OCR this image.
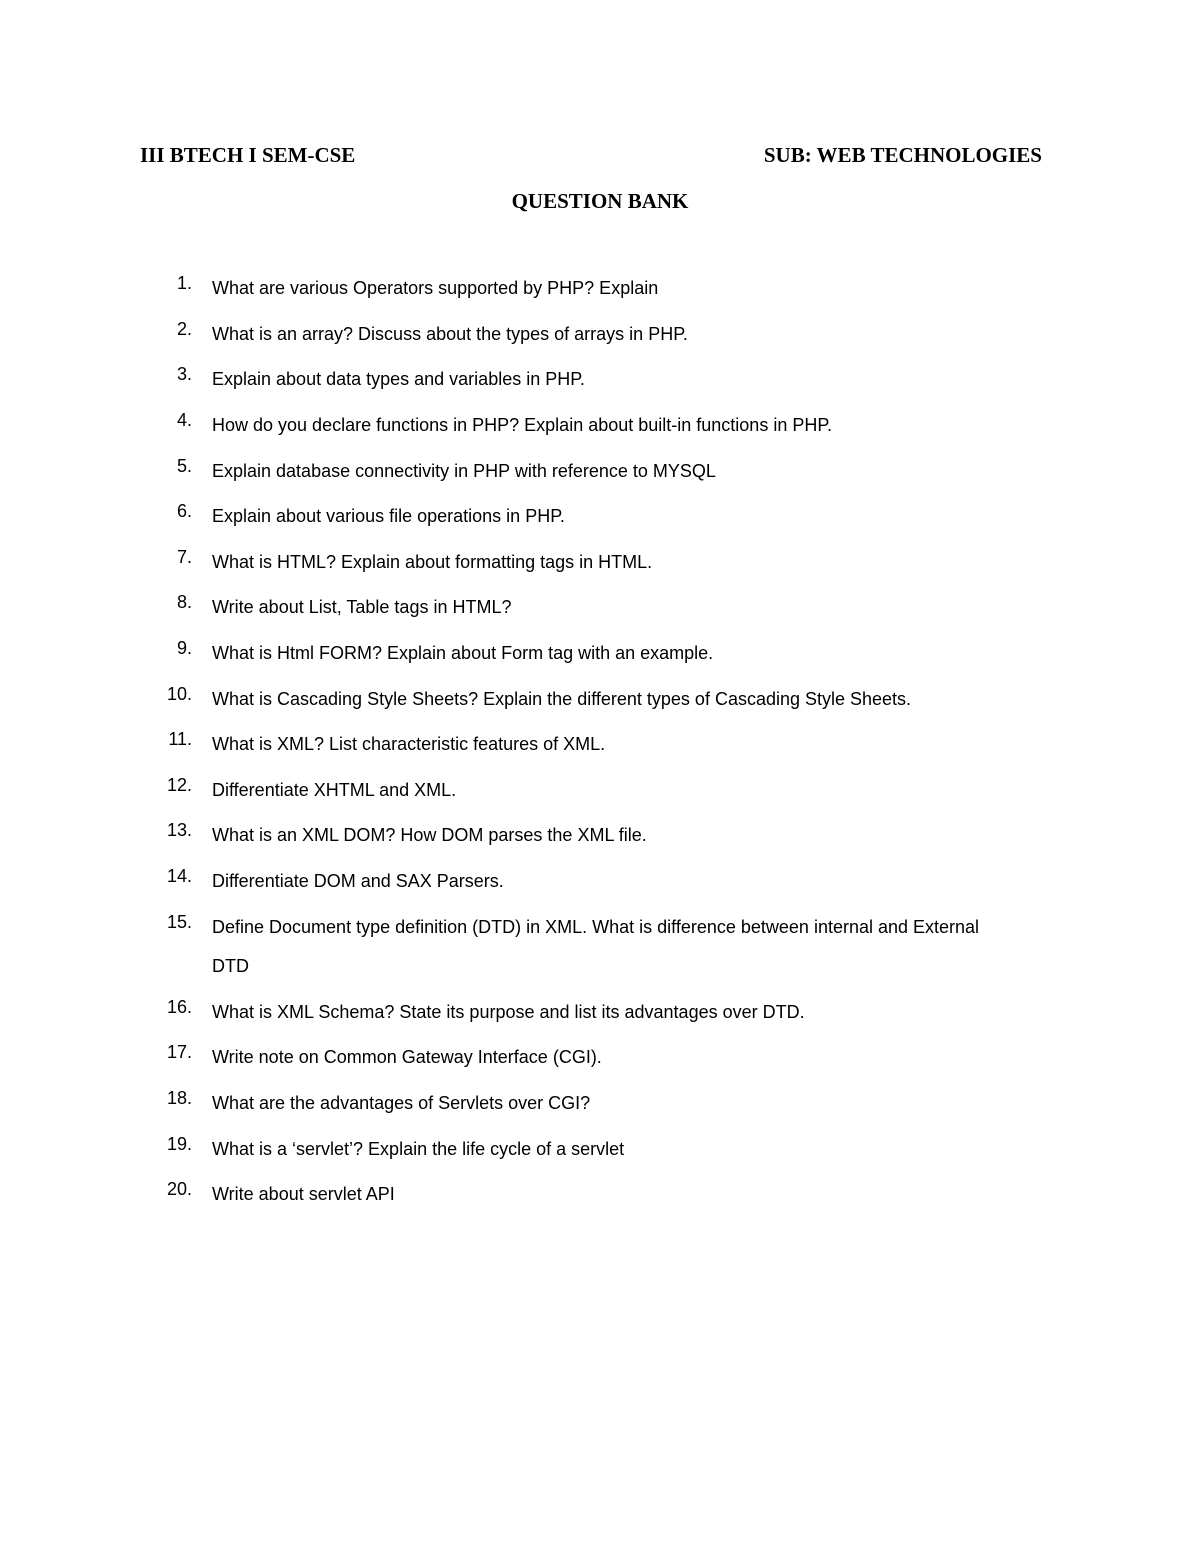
III BTECH I SEM-CSE	SUB: WEB TECHNOLOGIES
QUESTION BANK
1. What are various Operators supported by PHP? Explain
2. What is an array? Discuss about the types of arrays in PHP.
3. Explain about data types and variables in PHP.
4. How do you declare functions in PHP? Explain about built-in functions in PHP.
5. Explain database connectivity in PHP with reference to MYSQL
6. Explain about various file operations in PHP.
7. What is HTML? Explain about formatting tags in HTML.
8. Write about List, Table tags in HTML?
9. What is Html FORM? Explain about Form tag with an example.
10. What is Cascading Style Sheets? Explain the different types of Cascading Style Sheets.
11. What is XML? List characteristic features of XML.
12. Differentiate XHTML and XML.
13. What is an XML DOM? How DOM parses the XML file.
14. Differentiate DOM and SAX Parsers.
15. Define Document type definition (DTD) in XML. What is difference between internal and External DTD
16. What is XML Schema? State its purpose and list its advantages over DTD.
17. Write note on Common Gateway Interface (CGI).
18. What are the advantages of Servlets over CGI?
19. What is a ‘servlet’? Explain the life cycle of a servlet
20. Write about servlet API
